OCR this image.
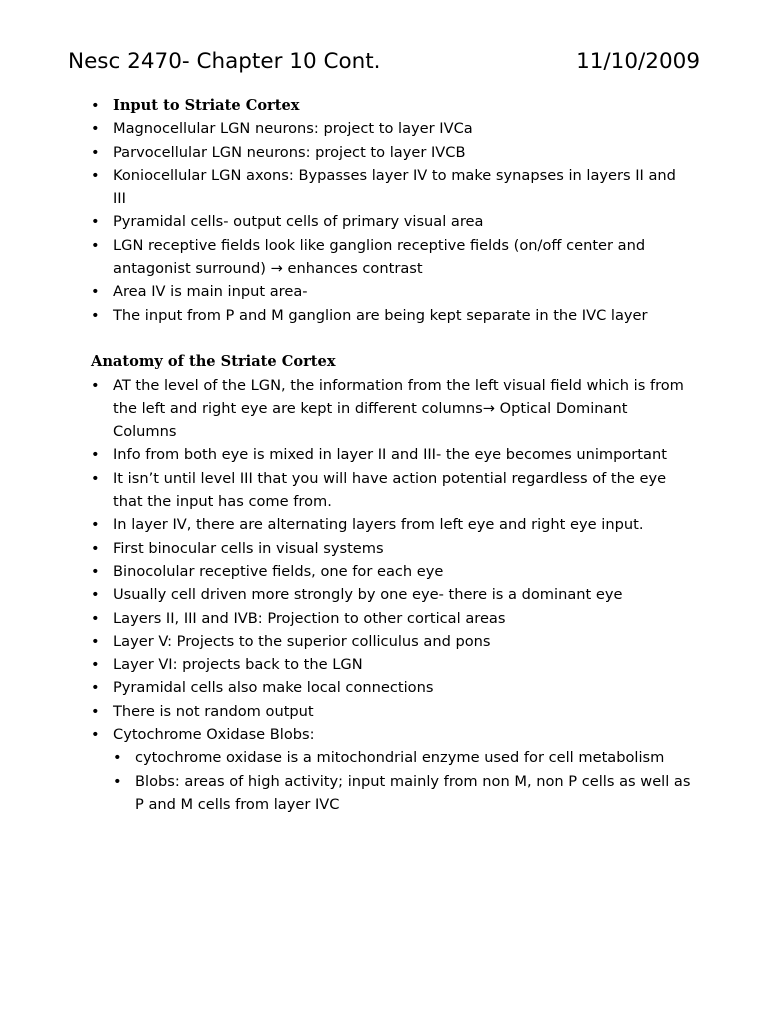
Nesc 2470- Chapter 10 Cont.	11/10/2009
• Input to Striate Cortex
• Magnocellular LGN neurons: project to layer IVCa
• Parvocellular LGN neurons: project to layer IVCB
• Koniocellular LGN axons: Bypasses layer IV to make synapses in layers II and III
• Pyramidal cells- output cells of primary visual area
• LGN receptive fields look like ganglion receptive fields (on/off center and antagonist surround) → enhances contrast
• Area IV is main input area-
• The input from P and M ganglion are being kept separate in the IVC layer
Anatomy of the Striate Cortex
• AT the level of the LGN, the information from the left visual field which is from the left and right eye are kept in different columns→ Optical Dominant Columns
• Info from both eye is mixed in layer II and III- the eye becomes unimportant
• It isn’t until level III that you will have action potential regardless of the eye that the input has come from.
• In layer IV, there are alternating layers from left eye and right eye input.
• First binocular cells in visual systems
• Binocolular receptive fields, one for each eye
• Usually cell driven more strongly by one eye- there is a dominant eye
• Layers II, III and IVB: Projection to other cortical areas
• Layer V: Projects to the superior colliculus and pons
• Layer VI: projects back to the LGN
• Pyramidal cells also make local connections
• There is not random output
• Cytochrome Oxidase Blobs:
• cytochrome oxidase is a mitochondrial enzyme used for cell metabolism
• Blobs: areas of high activity; input mainly from non M, non P cells as well as P and M cells from layer IVC
